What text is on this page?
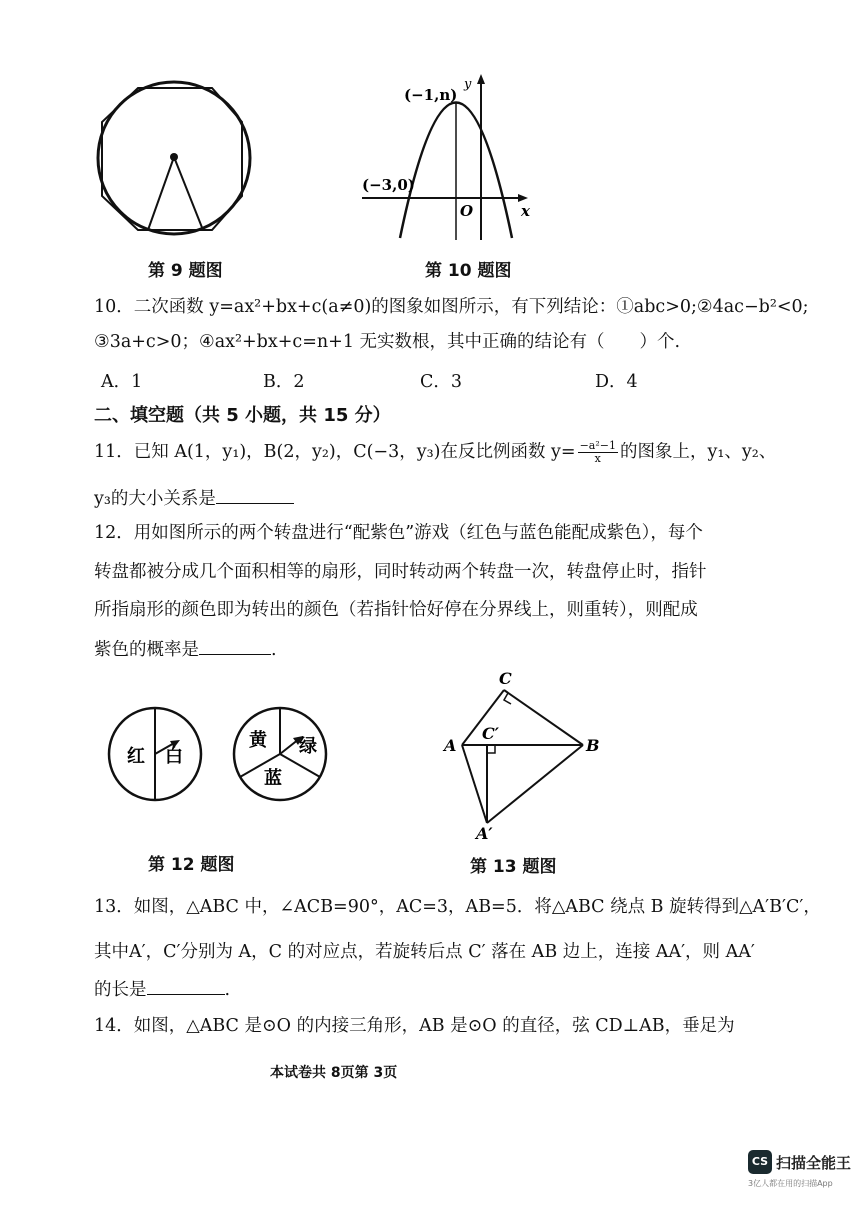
第 9 题图
(−1,n)
(−3,0)
O	x
y
第 10 题图
10．二次函数 y=ax²+bx+c(a≠0)的图象如图所示，有下列结论：①abc>0;②4ac−b²<0;
③3a+c>0；④ax²+bx+c=n+1 无实数根，其中正确的结论有（　　）个.
A．1	B．2	C．3	D．4
二、填空题（共 5 小题，共 15 分）
11．已知 A(1，y₁)，B(2，y₂)，C(−3，y₃)在反比例函数 $y= \frac{\text{−a²−1}}{x}$ 的图象上，y₁、y₂、
y₃的大小关系是
12．用如图所示的两个转盘进行“配紫色”游戏（红色与蓝色能配成紫色），每个
转盘都被分成几个面积相等的扇形，同时转动两个转盘一次，转盘停止时，指针
所指扇形的颜色即为转出的颜色（若指针恰好停在分界线上，则重转），则配成
紫色的概率是	.
红 白
黄 绿
蓝
第 12 题图
C
A
C′
B
A′
第 13 题图
13．如图，△ABC 中，∠ACB=90°，AC=3，AB=5．将△ABC 绕点 B 旋转得到△A′B′C′，
其中A′，C′分别为 A，C 的对应点，若旋转后点 C′ 落在 AB 边上，连接 AA′，则 AA′
的长是	.
14．如图，△ABC 是⊙O 的内接三角形，AB 是⊙O 的直径，弦 CD⊥AB，垂足为
本试卷共 8页第 3页
CS 扫描全能王
3亿人都在用的扫描App
